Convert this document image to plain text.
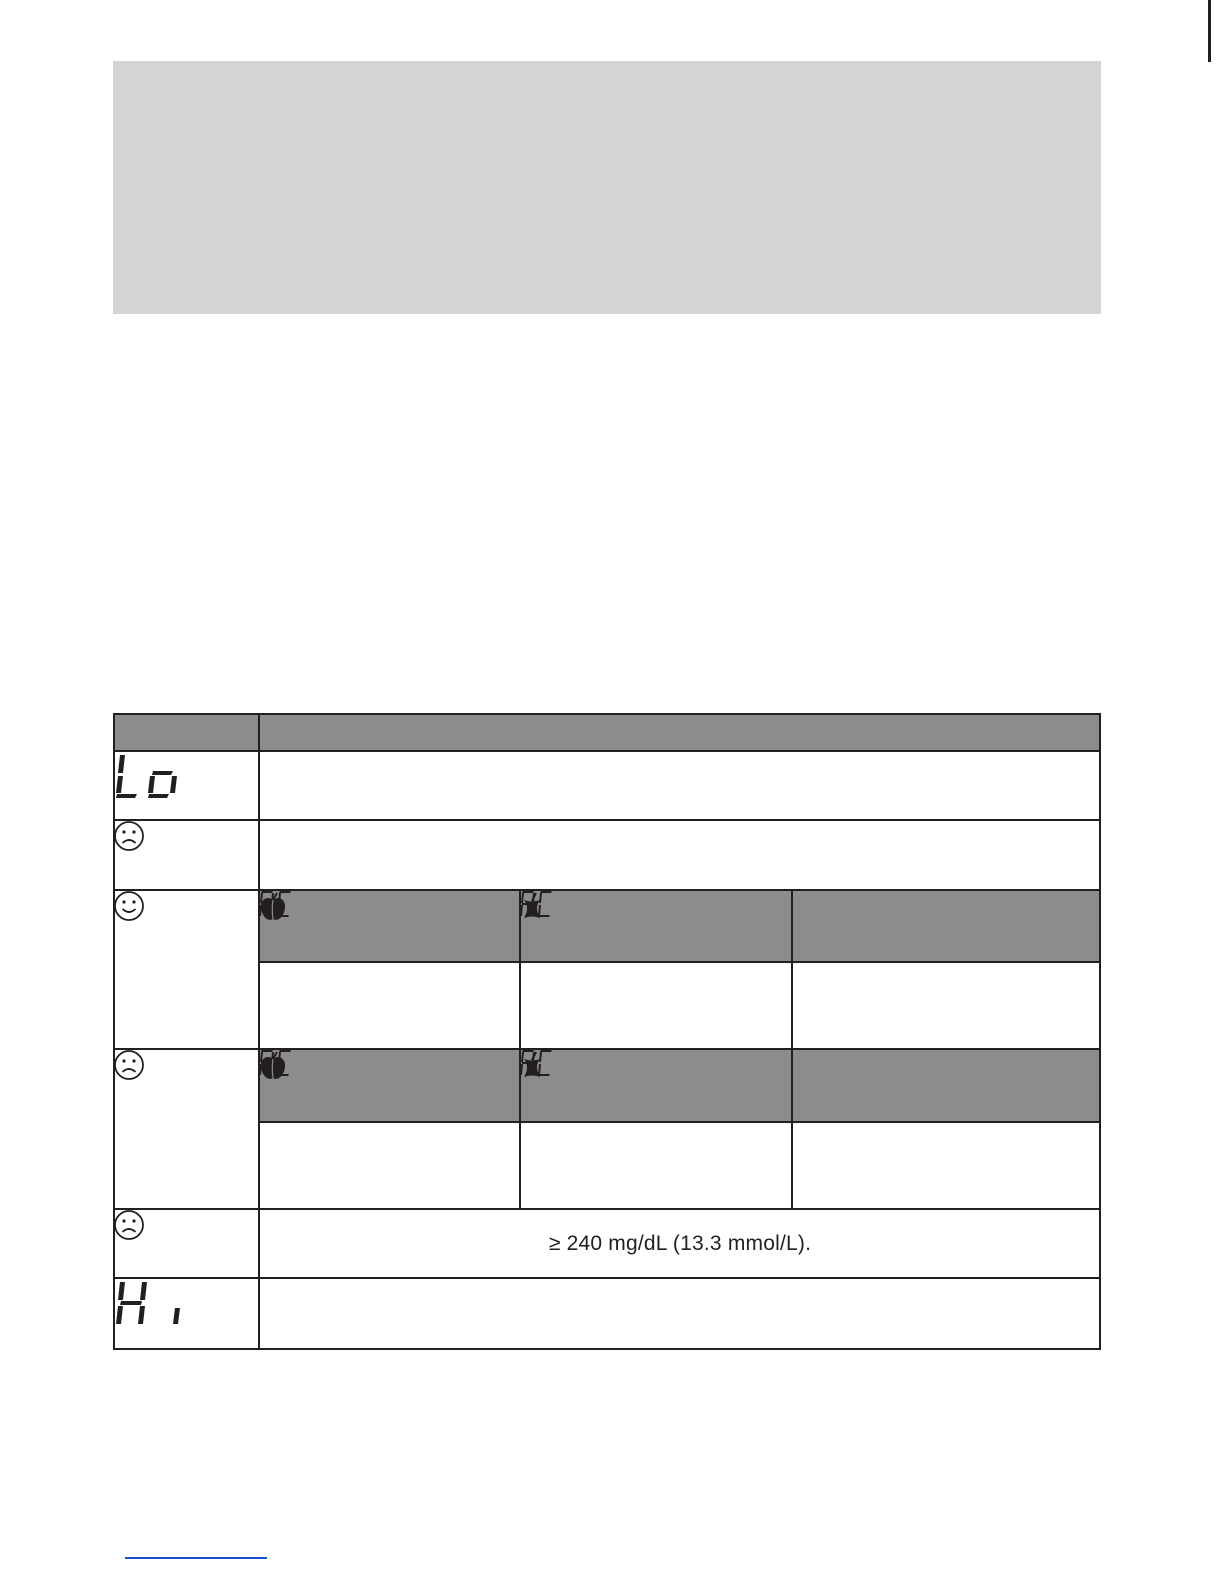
≥ 240 mg/dL (13.3 mmol/L).
